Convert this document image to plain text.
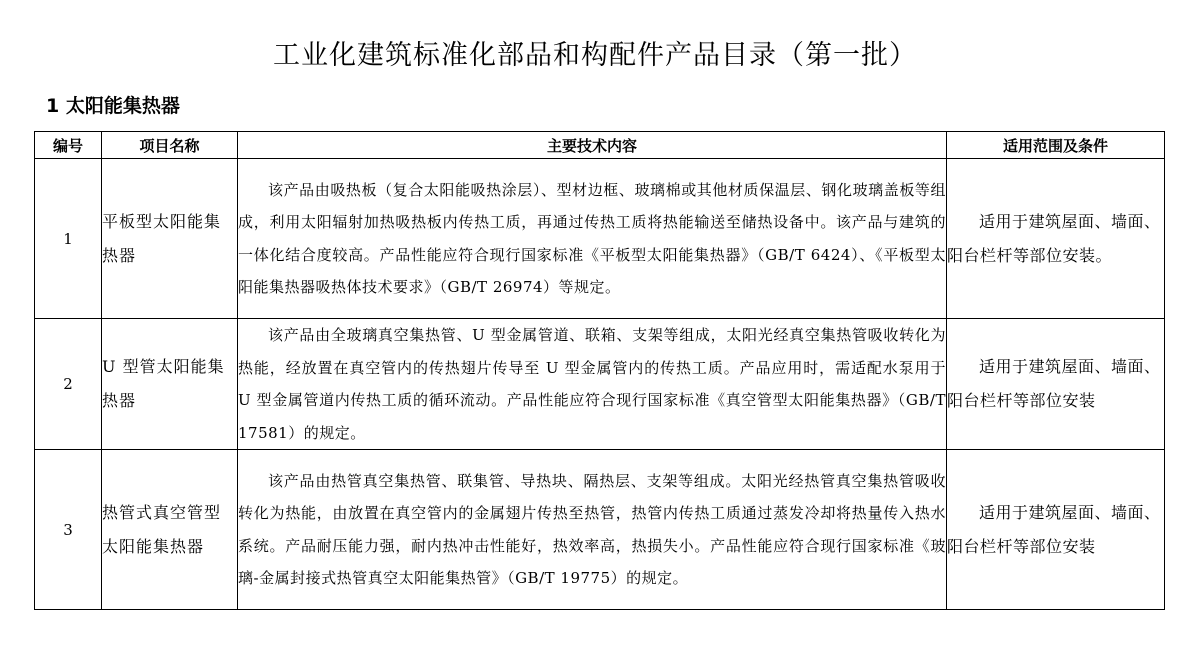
工业化建筑标准化部品和构配件产品目录（第一批）
1 太阳能集热器
编号	项目名称	主要技术内容	适用范围及条件
1	平板型太阳能集热器	该产品由吸热板（复合太阳能吸热涂层）、型材边框、玻璃棉或其他材质保温层、钢化玻璃盖板等组成，利用太阳辐射加热吸热板内传热工质，再通过传热工质将热能输送至储热设备中。该产品与建筑的一体化结合度较高。产品性能应符合现行国家标准《平板型太阳能集热器》（GB/T 6424）、《平板型太阳能集热器吸热体技术要求》（GB/T 26974）等规定。	适用于建筑屋面、墙面、阳台栏杆等部位安装。

2	U 型管太阳能集热器	该产品由全玻璃真空集热管、U 型金属管道、联箱、支架等组成，太阳光经真空集热管吸收转化为热能，经放置在真空管内的传热翅片传导至 U 型金属管内的传热工质。产品应用时，需适配水泵用于 U 型金属管道内传热工质的循环流动。产品性能应符合现行国家标准《真空管型太阳能集热器》（GB/T 17581）的规定。	适用于建筑屋面、墙面、阳台栏杆等部位安装

3	热管式真空管型太阳能集热器	该产品由热管真空集热管、联集管、导热块、隔热层、支架等组成。太阳光经热管真空集热管吸收转化为热能，由放置在真空管内的金属翅片传热至热管，热管内传热工质通过蒸发冷却将热量传入热水系统。产品耐压能力强，耐内热冲击性能好，热效率高，热损失小。产品性能应符合现行国家标准《玻璃-金属封接式热管真空太阳能集热管》（GB/T 19775）的规定。	适用于建筑屋面、墙面、阳台栏杆等部位安装
